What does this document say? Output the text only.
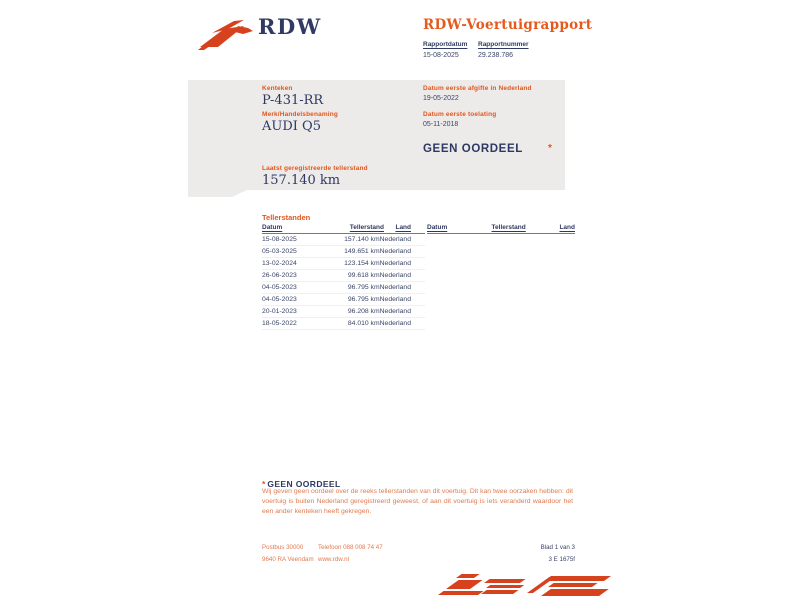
RDW	RDW-Voertuigrapport
Rapportdatum Rapportnummer
15-08-2025	29.238.786
Kenteken
P-431-RR
Merk/Handelsbenaming
AUDI Q5
Laatst geregistreerde tellerstand
157.140 km
Datum eerste afgifte in Nederland
19-05-2022
Datum eerste toelating
05-11-2018
GEEN OORDEEL	*
Tellerstanden
Datum	Tellerstand	Land
15-08-2025	157.140 km Nederland
05-03-2025	149.651 km Nederland
13-02-2024	123.154 km Nederland
26-06-2023	99.618 km Nederland
04-05-2023	96.795 km Nederland
04-05-2023	96.795 km Nederland
20-01-2023	96.208 km Nederland
18-05-2022	84.010 km Nederland
Datum	Tellerstand	Land
* GEEN OORDEEL
Wij geven geen oordeel over de reeks tellerstanden van dit voertuig. Dit kan twee oorzaken hebben: dit voertuig is buiten Nederland geregistreerd geweest, of aan dit voertuig is iets veranderd waardoor het een ander kenteken heeft gekregen.
Postbus 30000
9640 RA Veendam
Telefoon 088 008 74 47
www.rdw.nl
Blad 1 van 3
3 E 1675f
